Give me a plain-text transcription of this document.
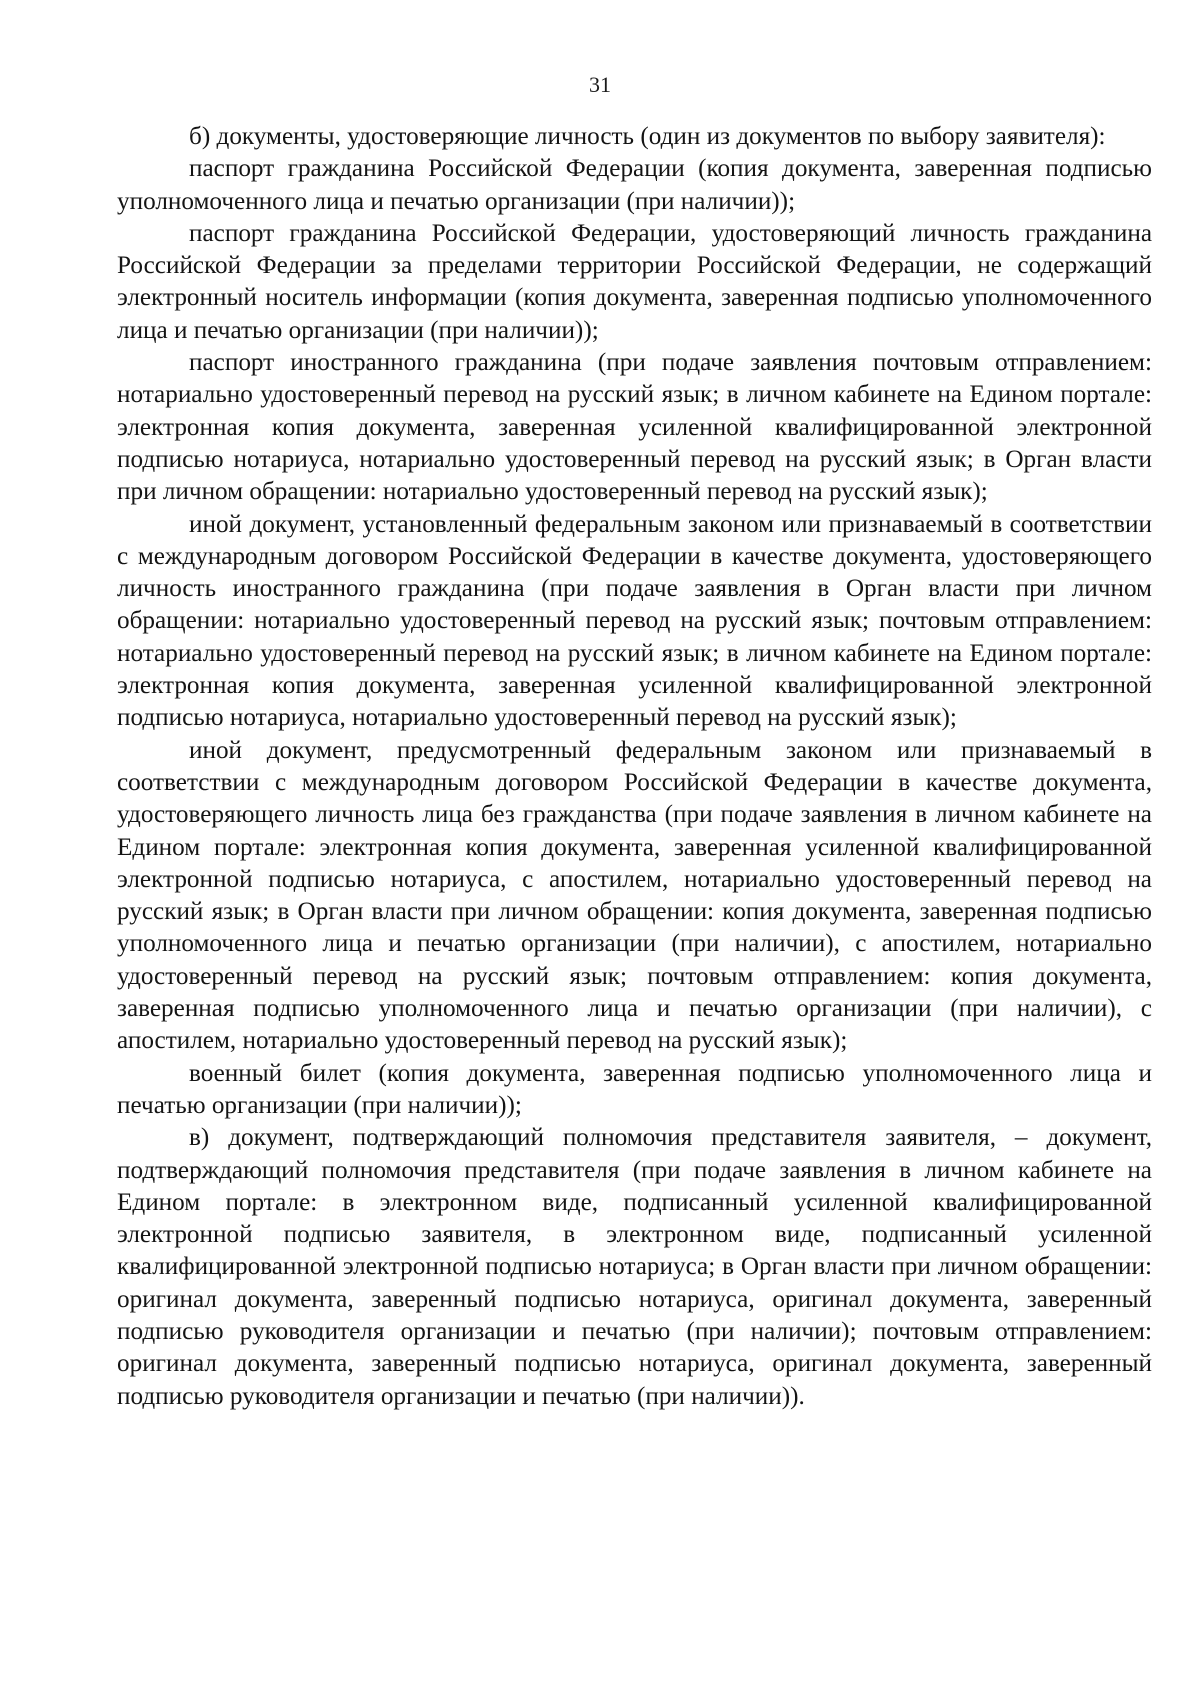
31

б) документы, удостоверяющие личность (один из документов по выбору заявителя):

паспорт гражданина Российской Федерации (копия документа, заверенная подписью уполномоченного лица и печатью организации (при наличии));

паспорт гражданина Российской Федерации, удостоверяющий личность гражданина Российской Федерации за пределами территории Российской Федерации, не содержащий электронный носитель информации (копия документа, заверенная подписью уполномоченного лица и печатью организации (при наличии));

паспорт иностранного гражданина (при подаче заявления почтовым отправлением: нотариально удостоверенный перевод на русский язык; в личном кабинете на Едином портале: электронная копия документа, заверенная усиленной квалифицированной электронной подписью нотариуса, нотариально удостоверенный перевод на русский язык; в Орган власти при личном обращении: нотариально удостоверенный перевод на русский язык);

иной документ, установленный федеральным законом или признаваемый в соответствии с международным договором Российской Федерации в качестве документа, удостоверяющего личность иностранного гражданина (при подаче заявления в Орган власти при личном обращении: нотариально удостоверенный перевод на русский язык; почтовым отправлением: нотариально удостоверенный перевод на русский язык; в личном кабинете на Едином портале: электронная копия документа, заверенная усиленной квалифицированной электронной подписью нотариуса, нотариально удостоверенный перевод на русский язык);

иной документ, предусмотренный федеральным законом или признаваемый в соответствии с международным договором Российской Федерации в качестве документа, удостоверяющего личность лица без гражданства (при подаче заявления в личном кабинете на Едином портале: электронная копия документа, заверенная усиленной квалифицированной электронной подписью нотариуса, с апостилем, нотариально удостоверенный перевод на русский язык; в Орган власти при личном обращении: копия документа, заверенная подписью уполномоченного лица и печатью организации (при наличии), с апостилем, нотариально удостоверенный перевод на русский язык; почтовым отправлением: копия документа, заверенная подписью уполномоченного лица и печатью организации (при наличии), с апостилем, нотариально удостоверенный перевод на русский язык);

военный билет (копия документа, заверенная подписью уполномоченного лица и печатью организации (при наличии));

в) документ, подтверждающий полномочия представителя заявителя, – документ, подтверждающий полномочия представителя (при подаче заявления в личном кабинете на Едином портале: в электронном виде, подписанный усиленной квалифицированной электронной подписью заявителя, в электронном виде, подписанный усиленной квалифицированной электронной подписью нотариуса; в Орган власти при личном обращении: оригинал документа, заверенный подписью нотариуса, оригинал документа, заверенный подписью руководителя организации и печатью (при наличии); почтовым отправлением: оригинал документа, заверенный подписью нотариуса, оригинал документа, заверенный подписью руководителя организации и печатью (при наличии)).
